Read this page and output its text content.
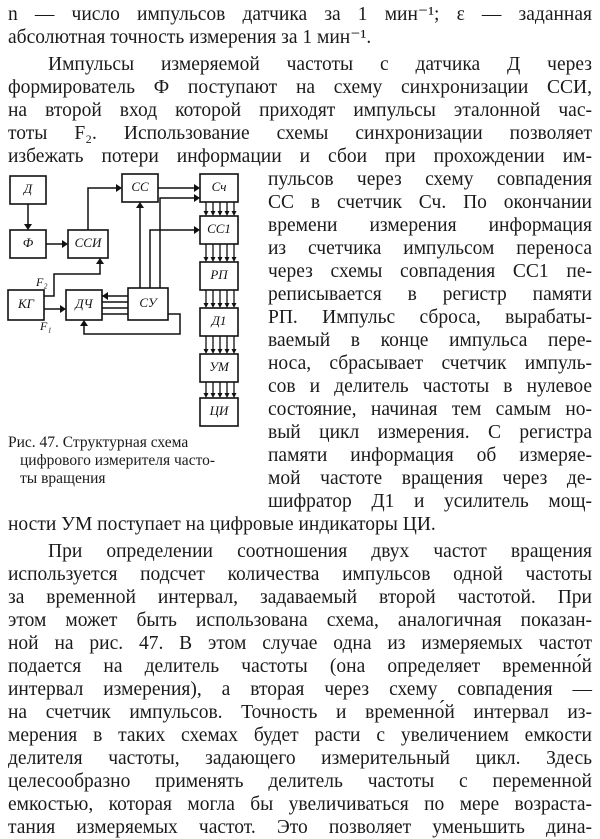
n — число импульсов датчика за 1 мин⁻¹; ε — заданная
абсолютная точность измерения за 1 мин⁻¹.
Импульсы измеряемой частоты с датчика Д через
формирователь Ф поступают на схему синхронизации ССИ,
на второй вход которой приходят импульсы эталонной час-
тоты F₂. Использование схемы синхронизации позволяет
избежать потери информации и сбои при прохождении им-
Д
Ф	ССИ
КГ	ДЧ	СУ
СС	Сч
СС1
РП
Д1
УМ
ЦИ
F₂
F₁
пульсов через схему совпадения
СС в счетчик Сч. По окончании
времени измерения информация
из счетчика импульсом переноса
через схемы совпадения СС1 пе-
реписывается в регистр памяти
РП. Импульс сброса, вырабаты-
ваемый в конце импульса пере-
носа, сбрасывает счетчик импуль-
сов и делитель частоты в нулевое
состояние, начиная тем самым но-
вый цикл измерения. С регистра
памяти информация об измеряе-
мой частоте вращения через де-
шифратор Д1 и усилитель мощ-
Рис. 47. Структурная схема
цифрового измерителя часто-
ты вращения
ности УМ поступает на цифровые индикаторы ЦИ.
При определении соотношения двух частот вращения
используется подсчет количества импульсов одной частоты
за временной интервал, задаваемый второй частотой. При
этом может быть использована схема, аналогичная показан-
ной на рис. 47. В этом случае одна из измеряемых частот
подается на делитель частоты (она определяет временно́й
интервал измерения), а вторая через схему совпадения —
на счетчик импульсов. Точность и временно́й интервал из-
мерения в таких схемах будет расти с увеличением емкости
делителя частоты, задающего измерительный цикл. Здесь
целесообразно применять делитель частоты с переменной
емкостью, которая могла бы увеличиваться по мере возраста-
тания измеряемых частот. Это позволяет уменьшить дина-
